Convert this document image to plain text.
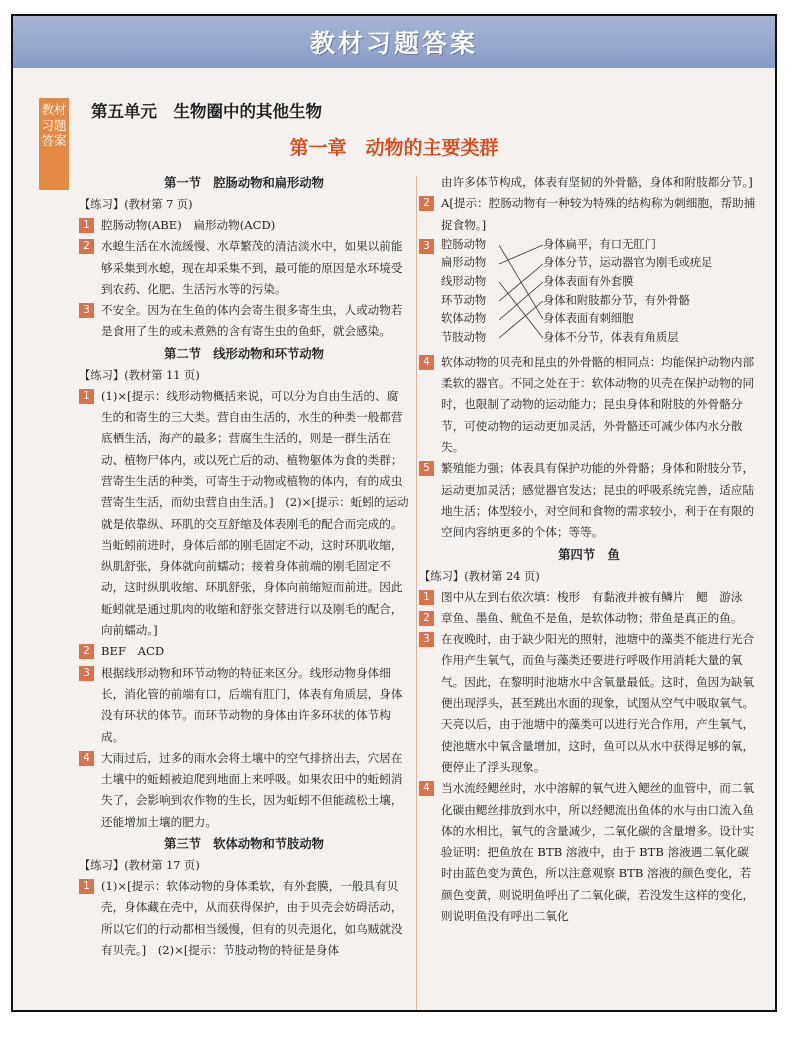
教材习题答案
教材习题答案
第五单元　生物圈中的其他生物
第一章　动物的主要类群
第一节　腔肠动物和扁形动物
【练习】(教材第 7 页)
1 腔肠动物(ABE)　扁形动物(ACD)
2 水螅生活在水流缓慢、水草繁茂的清洁淡水中，如果以前能够采集到水螅，现在却采集不到，最可能的原因是水环境受到农药、化肥、生活污水等的污染。
3 不安全。因为在生鱼的体内会寄生很多寄生虫，人或动物若是食用了生的或未煮熟的含有寄生虫的鱼虾，就会感染。
第二节　线形动物和环节动物
【练习】(教材第 11 页)
1 (1)×[提示：线形动物概括来说，可以分为自由生活的、腐生的和寄生的三大类。营自由生活的，水生的种类一般都营底栖生活，海产的最多；营腐生生活的，则是一群生活在动、植物尸体内，或以死亡后的动、植物躯体为食的类群；营寄生生活的种类，可寄生于动物或植物的体内，有的成虫营寄生生活，而幼虫营自由生活。]　(2)×[提示：蚯蚓的运动就是依靠纵、环肌的交互舒缩及体表刚毛的配合而完成的。当蚯蚓前进时，身体后部的刚毛固定不动，这时环肌收缩，纵肌舒张，身体就向前蠕动；接着身体前端的刚毛固定不动，这时纵肌收缩、环肌舒张，身体向前缩短而前进。因此蚯蚓就是通过肌肉的收缩和舒张交替进行以及刚毛的配合，向前蠕动。]
2 BEF　ACD
3 根据线形动物和环节动物的特征来区分。线形动物身体细长，消化管的前端有口，后端有肛门，体表有角质层，身体没有环状的体节。而环节动物的身体由许多环状的体节构成。
4 大雨过后，过多的雨水会将土壤中的空气排挤出去，穴居在土壤中的蚯蚓被迫爬到地面上来呼吸。如果农田中的蚯蚓消失了，会影响到农作物的生长，因为蚯蚓不但能疏松土壤，还能增加土壤的肥力。
第三节　软体动物和节肢动物
【练习】(教材第 17 页)
1 (1)×[提示：软体动物的身体柔软，有外套膜，一般具有贝壳，身体藏在壳中，从而获得保护，由于贝壳会妨碍活动，所以它们的行动都相当缓慢，但有的贝壳退化，如乌贼就没有贝壳。]　(2)×[提示：节肢动物的特征是身体
由许多体节构成，体表有坚韧的外骨骼，身体和附肢都分节。]
2 A[提示：腔肠动物有一种较为特殊的结构称为刺细胞，帮助捕捉食物。]
3 腔肠动物
扁形动物
线形动物
环节动物
软体动物
节肢动物
身体扁平，有口无肛门
身体分节，运动器官为刚毛或疣足
身体表面有外套膜
身体和附肢都分节，有外骨骼
身体表面有刺细胞
身体不分节，体表有角质层
4 软体动物的贝壳和昆虫的外骨骼的相同点：均能保护动物内部柔软的器官。不同之处在于：软体动物的贝壳在保护动物的同时，也限制了动物的运动能力；昆虫身体和附肢的外骨骼分节，可使动物的运动更加灵活，外骨骼还可减少体内水分散失。
5 繁殖能力强；体表具有保护功能的外骨骼；身体和附肢分节，运动更加灵活；感觉器官发达；昆虫的呼吸系统完善，适应陆地生活；体型较小，对空间和食物的需求较小，利于在有限的空间内容纳更多的个体；等等。
第四节　鱼
【练习】(教材第 24 页)
1 图中从左到右依次填：梭形　有黏液并被有鳞片　鳃　游泳
2 章鱼、墨鱼、鱿鱼不是鱼，是软体动物；带鱼是真正的鱼。
3 在夜晚时，由于缺少阳光的照射，池塘中的藻类不能进行光合作用产生氧气，而鱼与藻类还要进行呼吸作用消耗大量的氧气。因此，在黎明时池塘水中含氧量最低。这时，鱼因为缺氧便出现浮头，甚至跳出水面的现象，试图从空气中吸取氧气。天亮以后，由于池塘中的藻类可以进行光合作用，产生氧气，使池塘水中氧含量增加，这时，鱼可以从水中获得足够的氧，便停止了浮头现象。
4 当水流经鳃丝时，水中溶解的氧气进入鳃丝的血管中，而二氧化碳由鳃丝排放到水中，所以经鳃流出鱼体的水与由口流入鱼体的水相比，氧气的含量减少，二氧化碳的含量增多。设计实验证明：把鱼放在 BTB 溶液中，由于 BTB 溶液遇二氧化碳时由蓝色变为黄色，所以注意观察 BTB 溶液的颜色变化，若颜色变黄，则说明鱼呼出了二氧化碳，若没发生这样的变化，则说明鱼没有呼出二氧化
